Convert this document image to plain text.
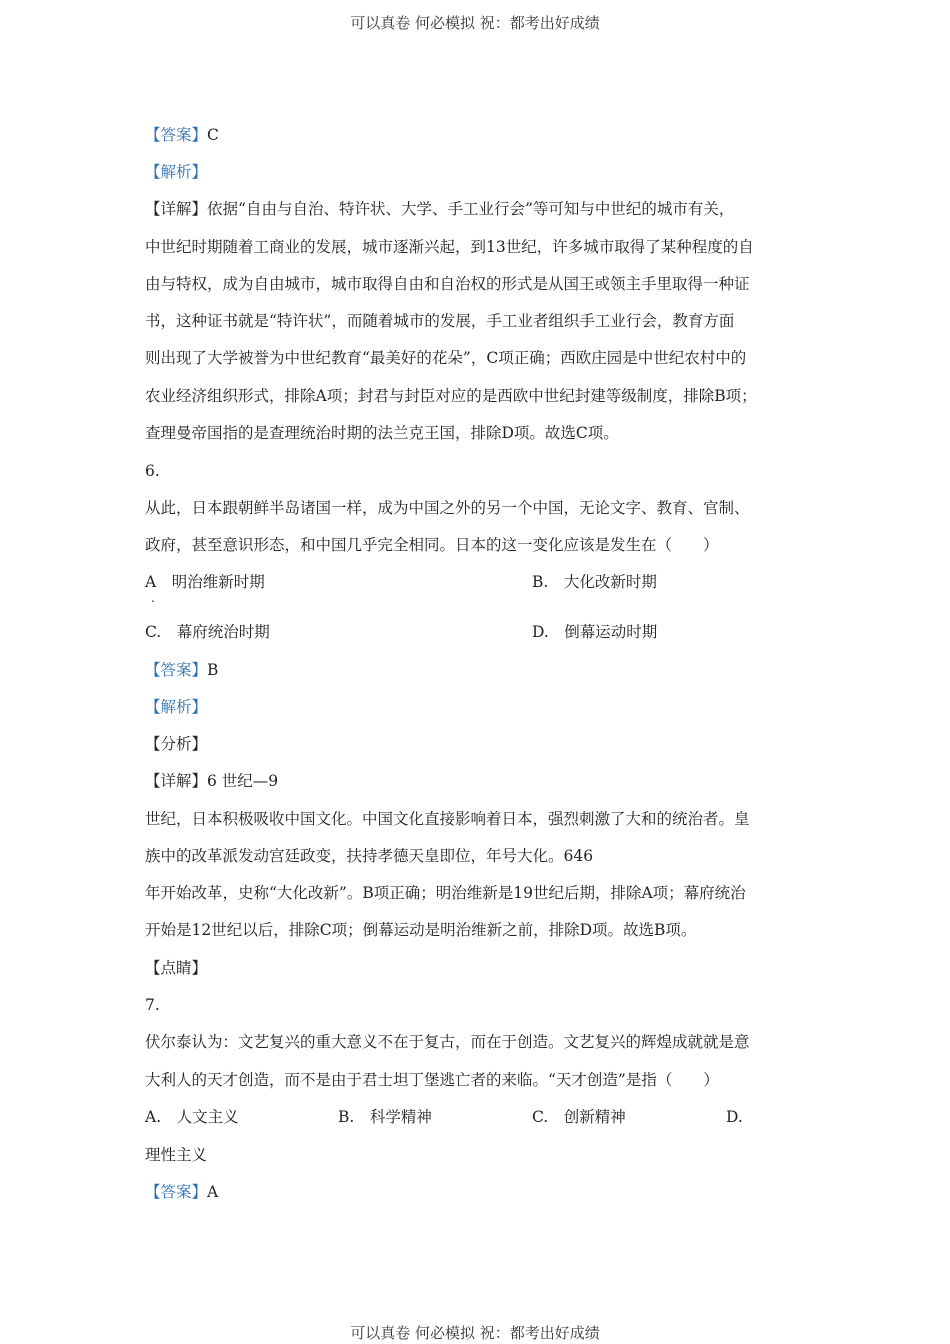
可以真卷 何必模拟 祝：都考出好成绩
【答案】C
【解析】
【详解】依据“自由与自治、特许状、大学、手工业行会”等可知与中世纪的城市有关，
中世纪时期随着工商业的发展，城市逐渐兴起，到13世纪，许多城市取得了某种程度的自
由与特权，成为自由城市，城市取得自由和自治权的形式是从国王或领主手里取得一种证
书，这种证书就是“特许状”，而随着城市的发展，手工业者组织手工业行会，教育方面
则出现了大学被誉为中世纪教育“最美好的花朵”，C项正确；西欧庄园是中世纪农村中的
农业经济组织形式，排除A项；封君与封臣对应的是西欧中世纪封建等级制度，排除B项；
查理曼帝国指的是查理统治时期的法兰克王国，排除D项。故选C项。
6.
从此，日本跟朝鲜半岛诸国一样，成为中国之外的另一个中国，无论文字、教育、官制、
政府，甚至意识形态，和中国几乎完全相同。日本的这一变化应该是发生在（　　）
A　明治维新时期
.
B.　大化改新时期
C.　幕府统治时期	D.　倒幕运动时期
【答案】B
【解析】
【分析】
【详解】6 世纪—9
世纪，日本积极吸收中国文化。中国文化直接影响着日本，强烈刺激了大和的统治者。皇
族中的改革派发动宫廷政变，扶持孝德天皇即位，年号大化。646
年开始改革，史称“大化改新”。B项正确；明治维新是19世纪后期，排除A项；幕府统治
开始是12世纪以后，排除C项；倒幕运动是明治维新之前，排除D项。故选B项。
【点睛】
7.
伏尔泰认为：文艺复兴的重大意义不在于复古，而在于创造。文艺复兴的辉煌成就就是意
大利人的天才创造，而不是由于君士坦丁堡逃亡者的来临。“天才创造”是指（　　）
A.　人文主义	B.　科学精神	C.　创新精神	D.
理性主义
【答案】A
可以真卷 何必模拟 祝：都考出好成绩
